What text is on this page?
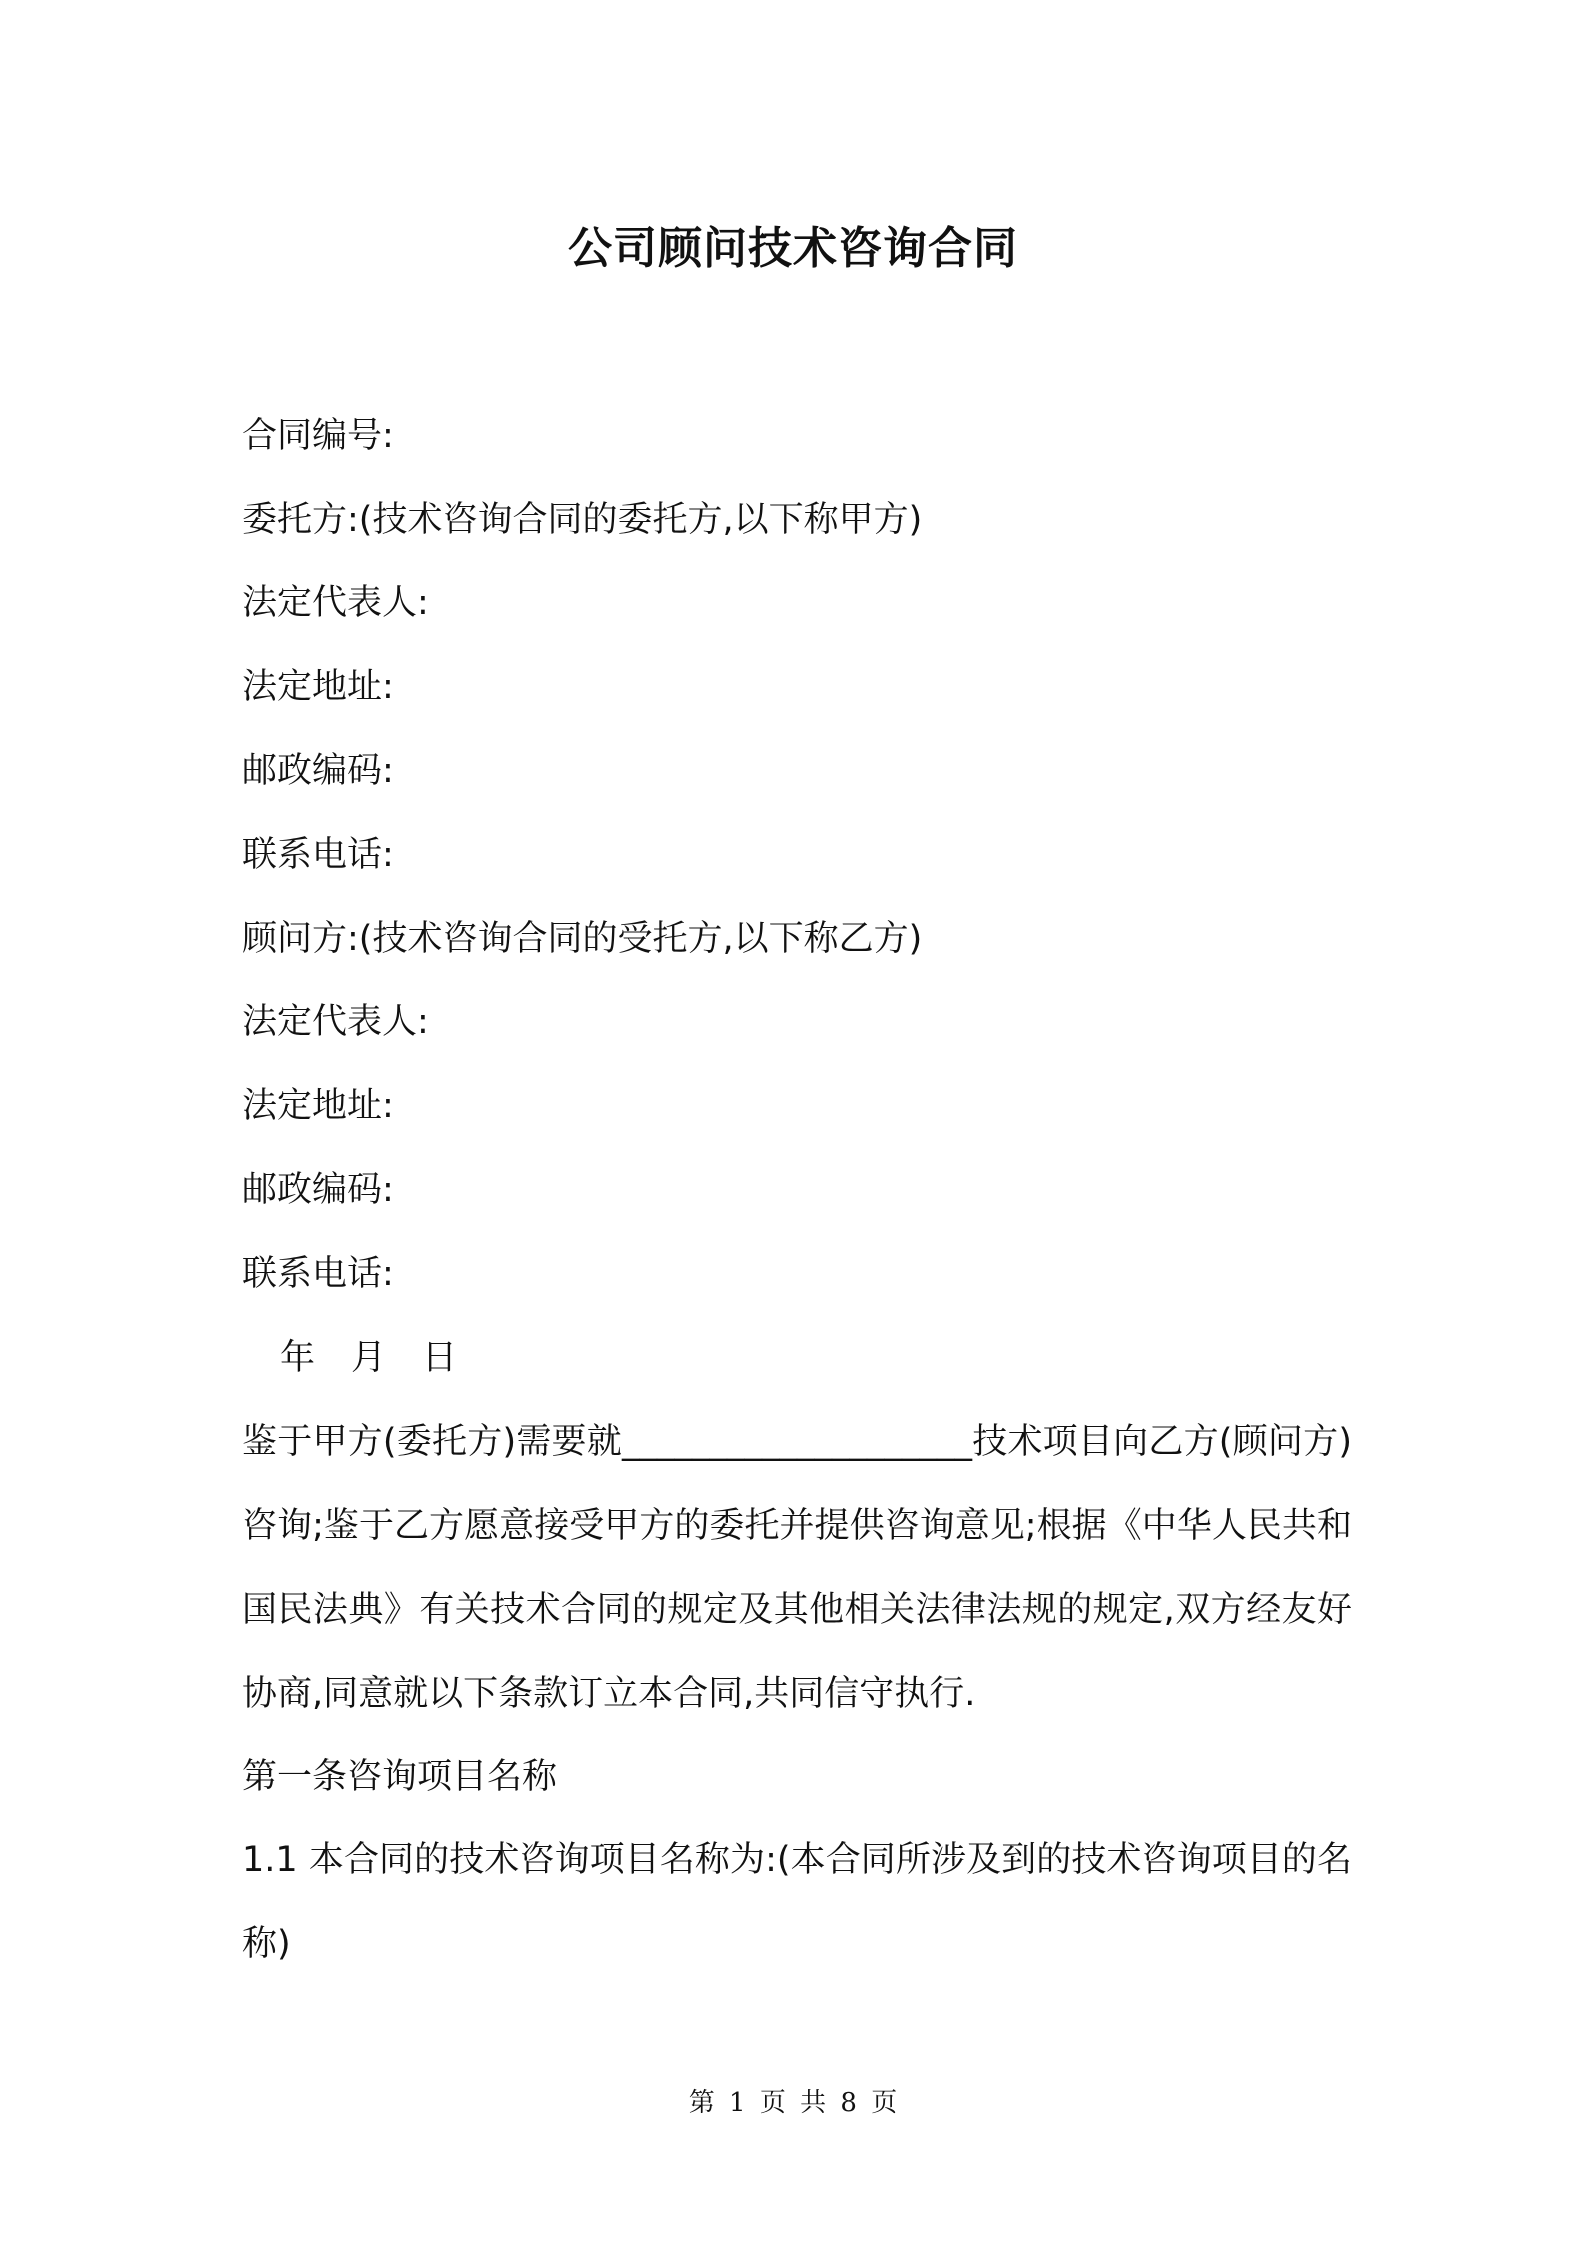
公司顾问技术咨询合同
合同编号:
委托方:(技术咨询合同的委托方,以下称甲方)
法定代表人:
法定地址:
邮政编码:
联系电话:
顾问方:(技术咨询合同的受托方,以下称乙方)
法定代表人:
法定地址:
邮政编码:
联系电话:
年 月 日
鉴于甲方(委托方)需要就____________________技术项目向乙方(顾问方)咨询;鉴于乙方愿意接受甲方的委托并提供咨询意见;根据《中华人民共和国民法典》有关技术合同的规定及其他相关法律法规的规定,双方经友好协商,同意就以下条款订立本合同,共同信守执行.
第一条咨询项目名称
1.1 本合同的技术咨询项目名称为:(本合同所涉及到的技术咨询项目的名称)
第 1 页 共 8 页
